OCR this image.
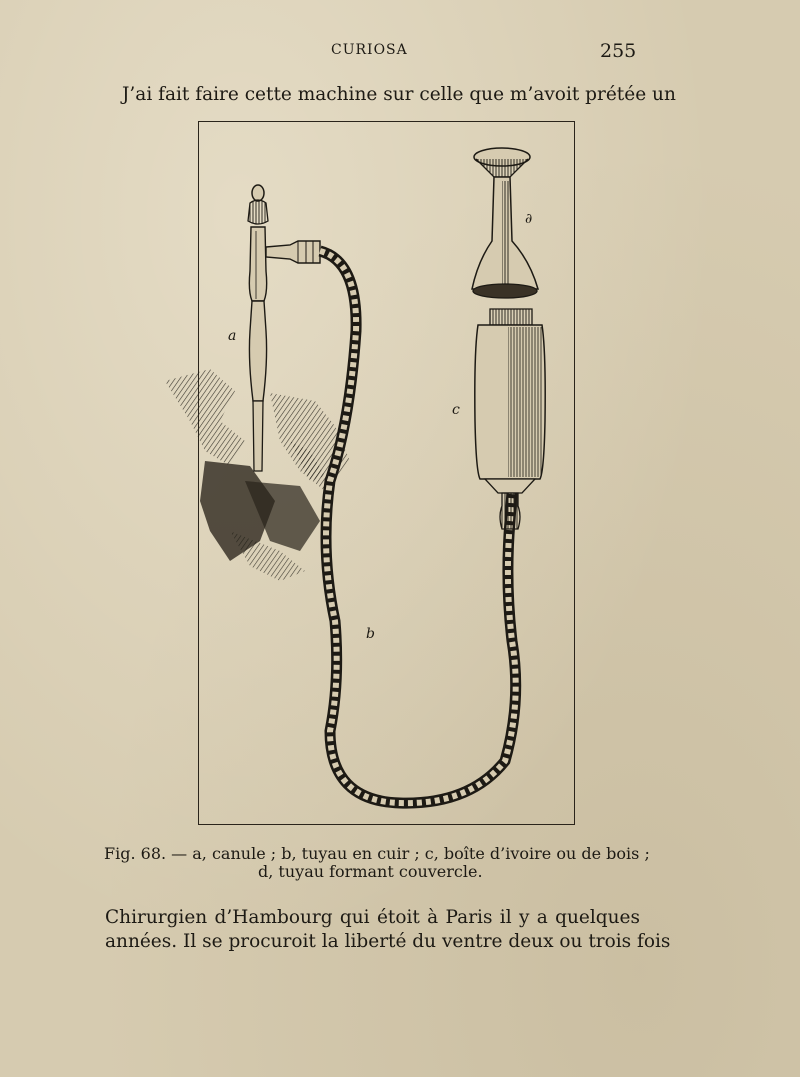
CURIOSA	255
J’ai fait faire cette machine sur celle que m’avoit prétée un
a
b
c
∂
Fig. 68. — a, canule ; b, tuyau en cuir ; c, boîte d’ivoire ou de bois ;
d, tuyau formant couvercle.
Chirurgien d’Hambourg qui étoit à Paris il y a quelques
années. Il se procuroit la liberté du ventre deux ou trois fois
